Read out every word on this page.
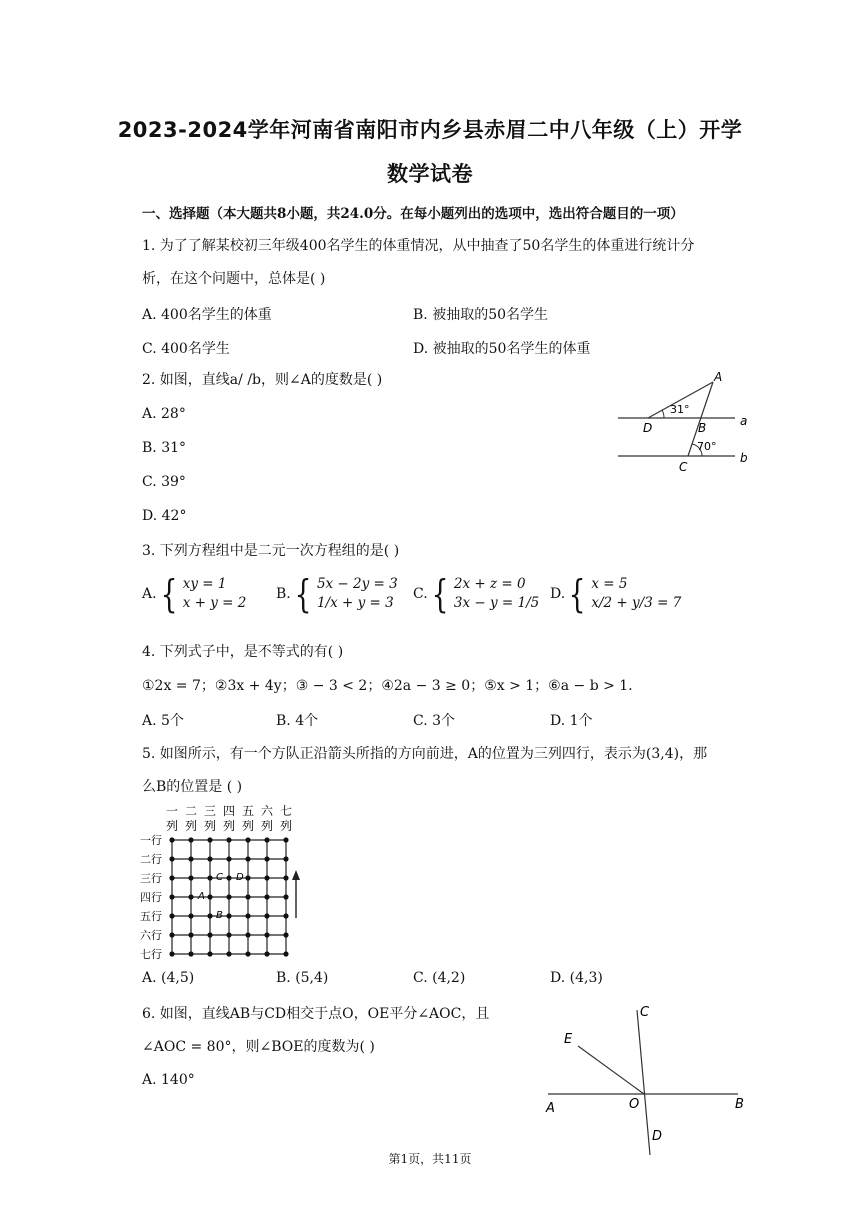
2023-2024学年河南省南阳市内乡县赤眉二中八年级（上）开学
数学试卷
一、选择题（本大题共8小题，共24.0分。在每小题列出的选项中，选出符合题目的一项）
1. 为了了解某校初三年级400名学生的体重情况，从中抽查了50名学生的体重进行统计分
析，在这个问题中，总体是( )
A. 400名学生的体重	B. 被抽取的50名学生
C. 400名学生	D. 被抽取的50名学生的体重
2. 如图，直线a/ /b，则∠A的度数是( )
A. 28°
B. 31°
C. 39°
D. 42°
A
D	B
C
a
b
31°
70°
3. 下列方程组中是二元一次方程组的是( )
A. { xy = 1
x + y = 2
B. { 5x − 2y = 3
1/x + y = 3
C. { 2x + z = 0
3x − y = 1/5
D. { x = 5
x/2 + y/3 = 7
4. 下列式子中，是不等式的有( )
①2x = 7；②3x + 4y；③ − 3 < 2；④2a − 3 ≥ 0；⑤x > 1；⑥a − b > 1．
A. 5个	B. 4个	C. 3个	D. 1个
5. 如图所示，有一个方队正沿箭头所指的方向前进，A的位置为三列四行，表示为(3,4)，那
么B的位置是 ( )
一
列
二
列
三
列
四
列
五
列
六
列
七
列
一行
二行
三行
四行
五行
六行
七行
C D
A
B
A. (4,5)	B. (5,4)	C. (4,2)	D. (4,3)
6. 如图，直线AB与CD相交于点O，OE平分∠AOC，且
∠AOC = 80°，则∠BOE的度数为( )
A. 140°
C
E
A	O	B
D
第1页，共11页
